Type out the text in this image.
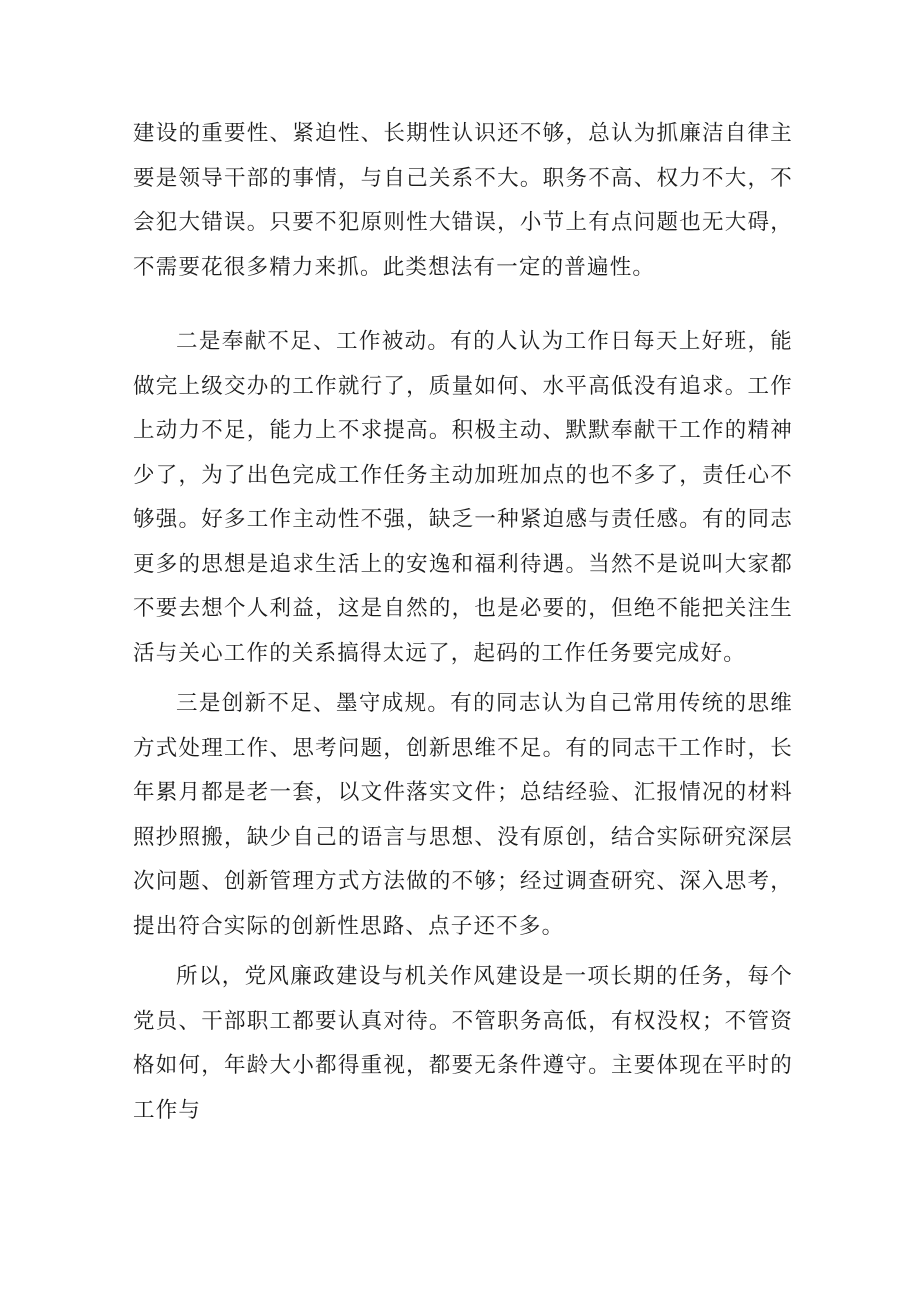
建设的重要性、紧迫性、长期性认识还不够，总认为抓廉洁自律主要是领导干部的事情，与自己关系不大。职务不高、权力不大，不会犯大错误。只要不犯原则性大错误，小节上有点问题也无大碍，不需要花很多精力来抓。此类想法有一定的普遍性。

二是奉献不足、工作被动。有的人认为工作日每天上好班，能做完上级交办的工作就行了，质量如何、水平高低没有追求。工作上动力不足，能力上不求提高。积极主动、默默奉献干工作的精神少了，为了出色完成工作任务主动加班加点的也不多了，责任心不够强。好多工作主动性不强，缺乏一种紧迫感与责任感。有的同志更多的思想是追求生活上的安逸和福利待遇。当然不是说叫大家都不要去想个人利益，这是自然的，也是必要的，但绝不能把关注生活与关心工作的关系搞得太远了，起码的工作任务要完成好。

三是创新不足、墨守成规。有的同志认为自己常用传统的思维方式处理工作、思考问题，创新思维不足。有的同志干工作时，长年累月都是老一套，以文件落实文件；总结经验、汇报情况的材料照抄照搬，缺少自己的语言与思想、没有原创，结合实际研究深层次问题、创新管理方式方法做的不够；经过调查研究、深入思考，提出符合实际的创新性思路、点子还不多。

所以，党风廉政建设与机关作风建设是一项长期的任务，每个党员、干部职工都要认真对待。不管职务高低，有权没权；不管资格如何，年龄大小都得重视，都要无条件遵守。主要体现在平时的工作与
